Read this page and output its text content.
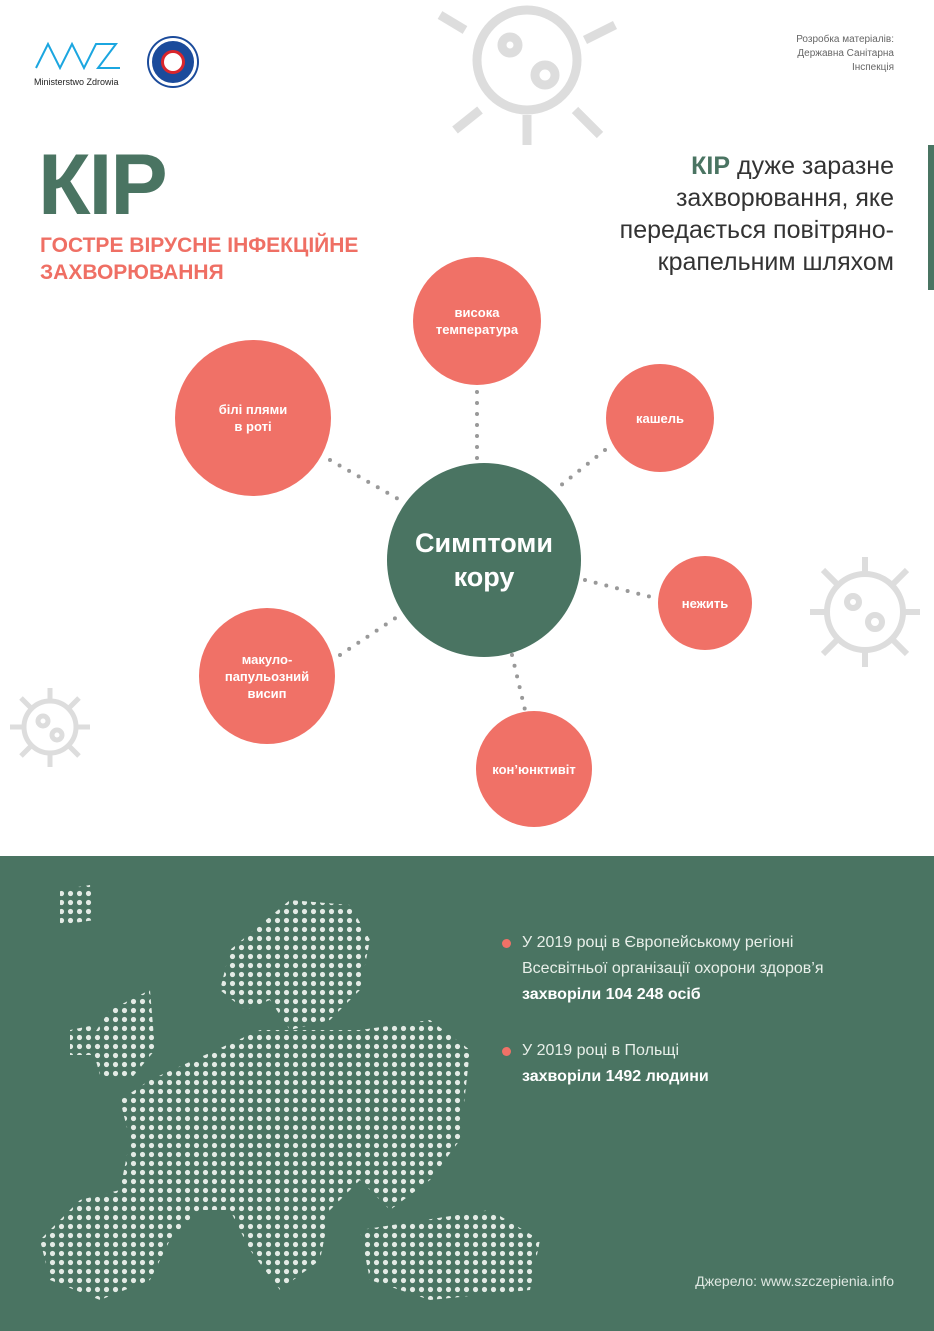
Ministerstwo Zdrowia
Розробка матеріалів:
Державна Санітарна
Інспекція
КІР
ГОСТРЕ ВІРУСНЕ ІНФЕКЦІЙНЕ
ЗАХВОРЮВАННЯ
КІР дуже заразне
захворювання, яке
передається повітряно-
крапельним шляхом
висока
температура
білі плями
в роті
кашель
нежить
макуло-
папульозний
висип
кон’юнктивіт
Симптоми
кору
У 2019 році в Європейському регіоні Всесвітньої організації охорони здоров’я захворіли 104 248 осіб
У 2019 році в Польщі
захворіли 1492 людини
Джерело: www.szczepienia.info
